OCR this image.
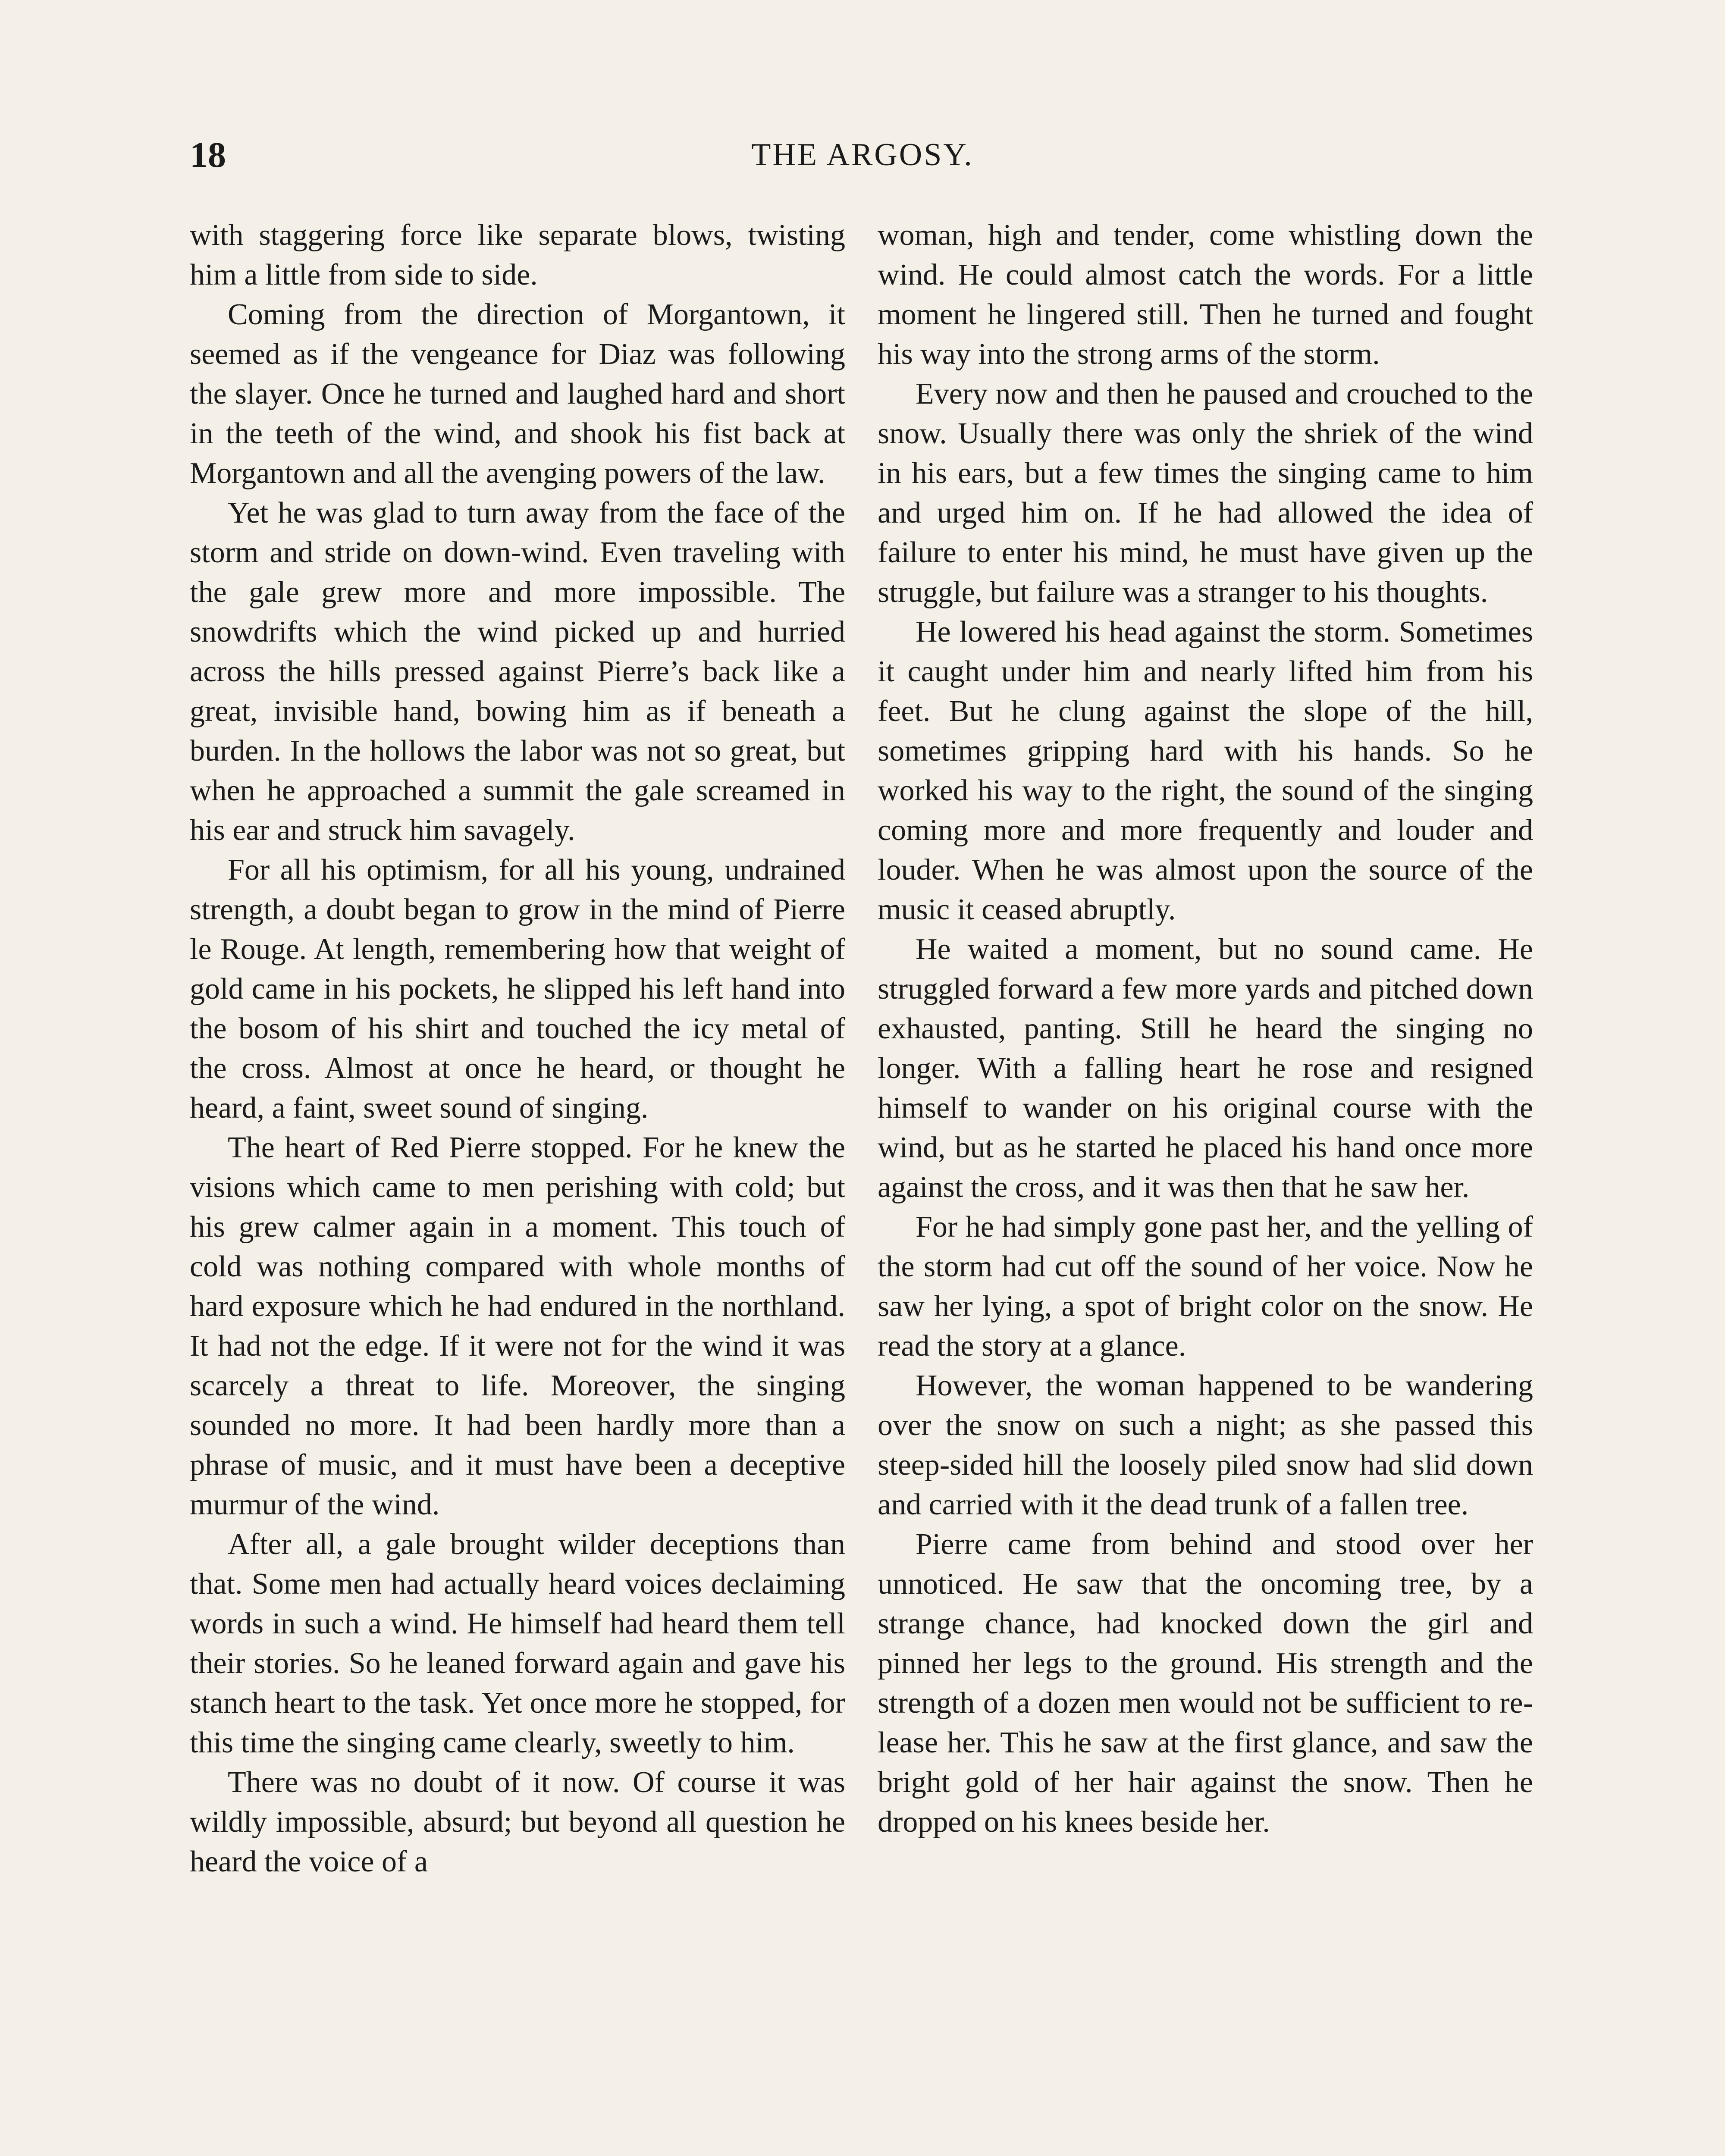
18	THE ARGOSY.

with staggering force like separate blows, twisting him a little from side to side.

Coming from the direction of Morgantown, it seemed as if the vengeance for Diaz was following the slayer. Once he turned and laughed hard and short in the teeth of the wind, and shook his fist back at Morgantown and all the avenging powers of the law.

Yet he was glad to turn away from the face of the storm and stride on down-wind. Even traveling with the gale grew more and more impossible. The snowdrifts which the wind picked up and hurried across the hills pressed against Pierre’s back like a great, invisible hand, bowing him as if beneath a burden. In the hollows the labor was not so great, but when he approached a summit the gale screamed in his ear and struck him savagely.

For all his optimism, for all his young, undrained strength, a doubt began to grow in the mind of Pierre le Rouge. At length, remembering how that weight of gold came in his pockets, he slipped his left hand into the bosom of his shirt and touched the icy metal of the cross. Almost at once he heard, or thought he heard, a faint, sweet sound of singing.

The heart of Red Pierre stopped. For he knew the visions which came to men perishing with cold; but his grew calmer again in a moment. This touch of cold was nothing compared with whole months of hard exposure which he had endured in the northland. It had not the edge. If it were not for the wind it was scarcely a threat to life. Moreover, the singing sounded no more. It had been hardly more than a phrase of music, and it must have been a deceptive murmur of the wind.

After all, a gale brought wilder deceptions than that. Some men had actually heard voices declaiming words in such a wind. He himself had heard them tell their stories. So he leaned forward again and gave his stanch heart to the task. Yet once more he stopped, for this time the singing came clearly, sweetly to him.

There was no doubt of it now. Of course it was wildly impossible, absurd; but beyond all question he heard the voice of a

woman, high and tender, come whistling down the wind. He could almost catch the words. For a little moment he lingered still. Then he turned and fought his way into the strong arms of the storm.

Every now and then he paused and crouched to the snow. Usually there was only the shriek of the wind in his ears, but a few times the singing came to him and urged him on. If he had allowed the idea of failure to enter his mind, he must have given up the struggle, but failure was a stranger to his thoughts.

He lowered his head against the storm. Sometimes it caught under him and nearly lifted him from his feet. But he clung against the slope of the hill, sometimes gripping hard with his hands. So he worked his way to the right, the sound of the singing coming more and more frequently and louder and louder. When he was almost upon the source of the music it ceased abruptly.

He waited a moment, but no sound came. He struggled forward a few more yards and pitched down exhausted, panting. Still he heard the singing no longer. With a falling heart he rose and resigned himself to wander on his original course with the wind, but as he started he placed his hand once more against the cross, and it was then that he saw her.

For he had simply gone past her, and the yelling of the storm had cut off the sound of her voice. Now he saw her lying, a spot of bright color on the snow. He read the story at a glance.

However, the woman happened to be wandering over the snow on such a night; as she passed this steep-sided hill the loosely piled snow had slid down and carried with it the dead trunk of a fallen tree.

Pierre came from behind and stood over her unnoticed. He saw that the oncoming tree, by a strange chance, had knocked down the girl and pinned her legs to the ground. His strength and the strength of a dozen men would not be sufficient to release her. This he saw at the first glance, and saw the bright gold of her hair against the snow. Then he dropped on his knees beside her.
